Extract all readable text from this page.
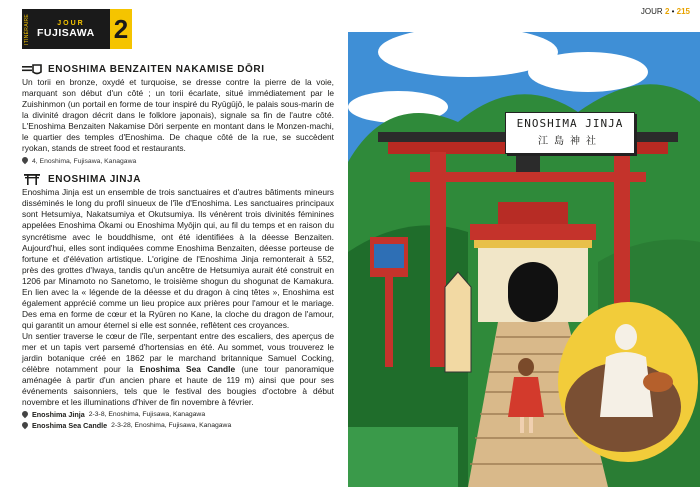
ITINÉRAIRE	JOUR
FUJISAWA 2
JOUR 2 • 215
ENOSHIMA BENZAITEN NAKAMISE DŌRI

Un torii en bronze, oxydé et turquoise, se dresse contre la pierre de la voie, marquant son début d'un côté ; un torii écarlate, situé immédiatement par le Zuishinmon (un portail en forme de tour inspiré du Ryūgūjō, le palais sous-marin de la divinité dragon décrit dans le folklore japonais), signale sa fin de l'autre côté. L'Enoshima Benzaiten Nakamise Dōri serpente en montant dans le Monzen-machi, le quartier des temples d'Enoshima. De chaque côté de la rue, se succèdent ryokan, stands de street food et restaurants.

4, Enoshima, Fujisawa, Kanagawa
ENOSHIMA JINJA

Enoshima Jinja est un ensemble de trois sanctuaires et d'autres bâtiments mineurs disséminés le long du profil sinueux de l'île d'Enoshima. Les sanctuaires principaux sont Hetsumiya, Nakatsumiya et Okutsumiya. Ils vénèrent trois divinités féminines appelées Enoshima Ōkami ou Enoshima Myōjin qui, au fil du temps et en raison du syncrétisme avec le bouddhisme, ont été identifiées à la déesse Benzaiten. Aujourd'hui, elles sont indiquées comme Enoshima Benzaiten, déesse porteuse de fortune et d'élévation artistique. L'origine de l'Enoshima Jinja remonterait à 552, près des grottes d'Iwaya, tandis qu'un ancêtre de Hetsumiya aurait été construit en 1206 par Minamoto no Sanetomo, le troisième shogun du shogunat de Kamakura. En lien avec la « légende de la déesse et du dragon à cinq têtes », Enoshima est également apprécié comme un lieu propice aux prières pour l'amour et le mariage. Des ema en forme de cœur et la Ryūren no Kane, la cloche du dragon de l'amour, qui garantit un amour éternel si elle est sonnée, reflètent ces croyances.

Un sentier traverse le cœur de l'île, serpentant entre des escaliers, des aperçus de mer et un tapis vert parsemé d'hortensias en été. Au sommet, vous trouverez le jardin botanique créé en 1862 par le marchand britannique Samuel Cocking, célèbre notamment pour la Enoshima Sea Candle (une tour panoramique aménagée à partir d'un ancien phare et haute de 119 m) ainsi que pour ses événements saisonniers, tels que le festival des bougies d'octobre à début novembre et les illuminations d'hiver de fin novembre à février.

Enoshima Jinja 2-3-8, Enoshima, Fujisawa, Kanagawa
Enoshima Sea Candle 2-3-28, Enoshima, Fujisawa, Kanagawa
ENOSHIMA JINJA
江島神社
